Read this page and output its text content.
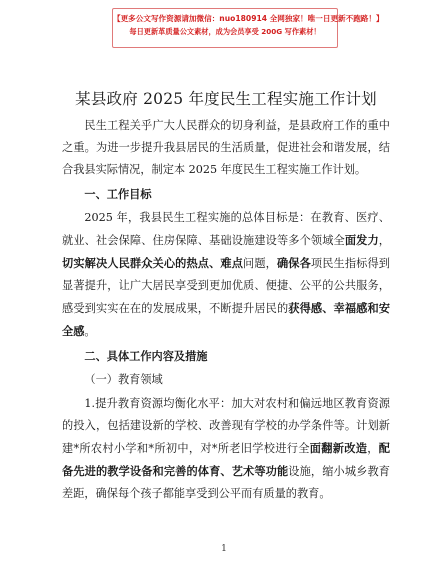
【更多公文写作资源请加微信：nuo180914 全网独家！唯一日更新不跑路！】
每日更新革质量公文素材，成为会员享受 200G 写作素材！
某县政府 2025 年度民生工程实施工作计划

民生工程关乎广大人民群众的切身利益，是县政府工作的重中之重。为进一步提升我县居民的生活质量，促进社会和谐发展，结合我县实际情况，制定本 2025 年度民生工程实施工作计划。

一、工作目标

2025 年，我县民生工程实施的总体目标是：在教育、医疗、就业、社会保障、住房保障、基础设施建设等多个领域全面发力，切实解决人民群众关心的热点、难点问题，确保各项民生指标得到显著提升，让广大居民享受到更加优质、便捷、公平的公共服务，感受到实实在在的发展成果，不断提升居民的获得感、幸福感和安全感。

二、具体工作内容及措施

（一）教育领域

1.提升教育资源均衡化水平：加大对农村和偏远地区教育资源的投入，包括建设新的学校、改善现有学校的办学条件等。计划新建*所农村小学和*所初中，对*所老旧学校进行全面翻新改造，配备先进的教学设备和完善的体育、艺术等功能设施，缩小城乡教育差距，确保每个孩子都能享受到公平而有质量的教育。

1
